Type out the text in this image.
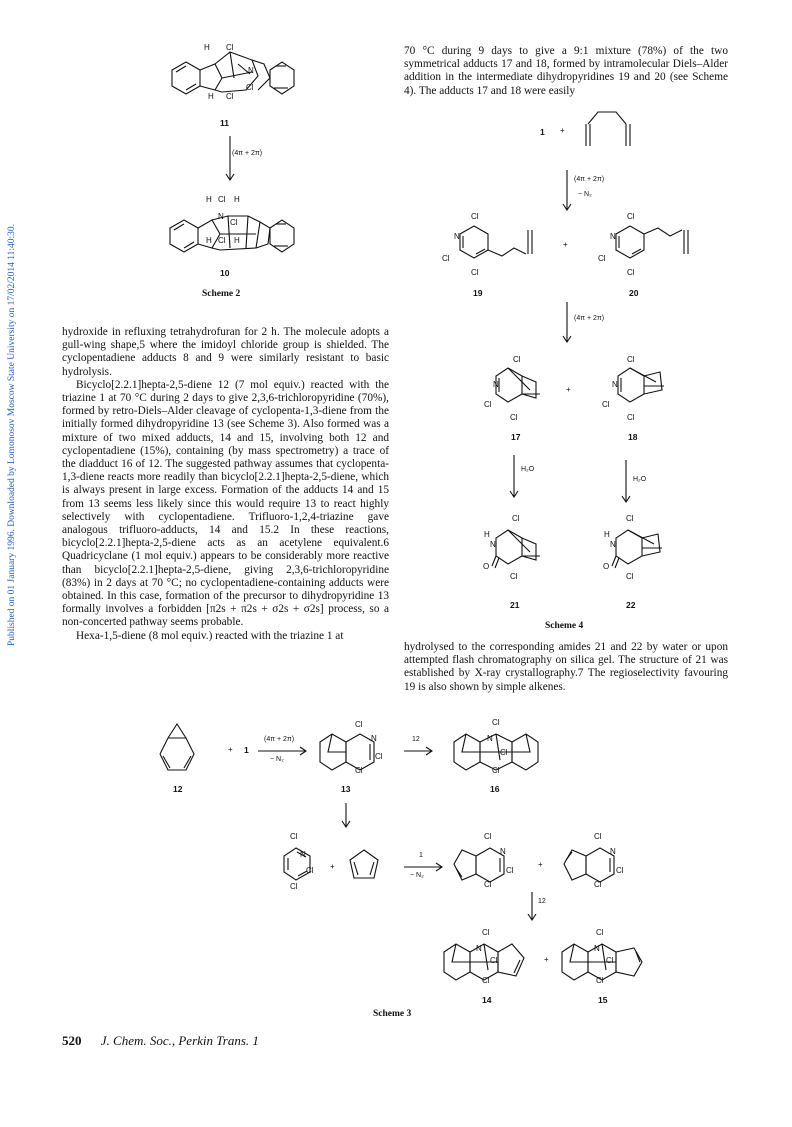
Published on 01 January 1996. Downloaded by Lomonosov Moscow State University on 17/02/2014 11:40:30.
H Cl
N
Cl
H Cl
11
(4π + 2π)
H Cl H
N
Cl
H Cl H
10
Scheme 2

hydroxide in refluxing tetrahydrofuran for 2 h. The molecule adopts a gull-wing shape,5 where the imidoyl chloride group is shielded. The cyclopentadiene adducts 8 and 9 were similarly resistant to basic hydrolysis.

Bicyclo[2.2.1]hepta-2,5-diene 12 (7 mol equiv.) reacted with the triazine 1 at 70 °C during 2 days to give 2,3,6-trichloropyridine (70%), formed by retro-Diels–Alder cleavage of cyclopenta-1,3-diene from the initially formed dihydropyridine 13 (see Scheme 3). Also formed was a mixture of two mixed adducts, 14 and 15, involving both 12 and cyclopentadiene (15%), containing (by mass spectrometry) a trace of the diadduct 16 of 12. The suggested pathway assumes that cyclopenta-1,3-diene reacts more readily than bicyclo[2.2.1]hepta-2,5-diene, which is always present in large excess. Formation of the adducts 14 and 15 from 13 seems less likely since this would require 13 to react highly selectively with cyclopentadiene. Trifluoro-1,2,4-triazine gave analogous trifluoro-adducts, 14 and 15.2 In these reactions, bicyclo[2.2.1]hepta-2,5-diene acts as an acetylene equivalent.6 Quadricyclane (1 mol equiv.) appears to be considerably more reactive than bicyclo[2.2.1]hepta-2,5-diene, giving 2,3,6-trichloropyridine (83%) in 2 days at 70 °C; no cyclopentadiene-containing adducts were obtained. In this case, formation of the precursor to dihydropyridine 13 formally involves a forbidden [π2s + π2s + σ2s + σ2s] process, so a non-concerted pathway seems probable.

Hexa-1,5-diene (8 mol equiv.) reacted with the triazine 1 at

70 °C during 9 days to give a 9:1 mixture (78%) of the two symmetrical adducts 17 and 18, formed by intramolecular Diels–Alder addition in the intermediate dihydropyridines 19 and 20 (see Scheme 4). The adducts 17 and 18 were easily

1 +
(4π + 2π)
− N₂
Cl
N
Cl
Cl
19
+
Cl
N
Cl
Cl
20
(4π + 2π)
Cl
N
Cl
Cl
17
+
Cl
N
Cl
Cl
18
H₂O
H₂O
Cl
H
N
O
Cl
21
Cl
H
N
O
Cl
22
Scheme 4

hydrolysed to the corresponding amides 21 and 22 by water or upon attempted flash chromatography on silica gel. The structure of 21 was established by X-ray crystallography.7 The regioselectivity favouring 19 is also shown by simple alkenes.

12
+ 1 →
(4π + 2π)
− N₂
Cl
N
Cl
Cl
13
12
Cl
N
Cl
Cl
16
Cl
N
Cl
Cl
+
1
− N₂
Cl
N
Cl
Cl
+
Cl
N
Cl
Cl
12
Cl
N
Cl
Cl
14
+
Cl
N
Cl
Cl
15
Scheme 3
520 J. Chem. Soc., Perkin Trans. 1
